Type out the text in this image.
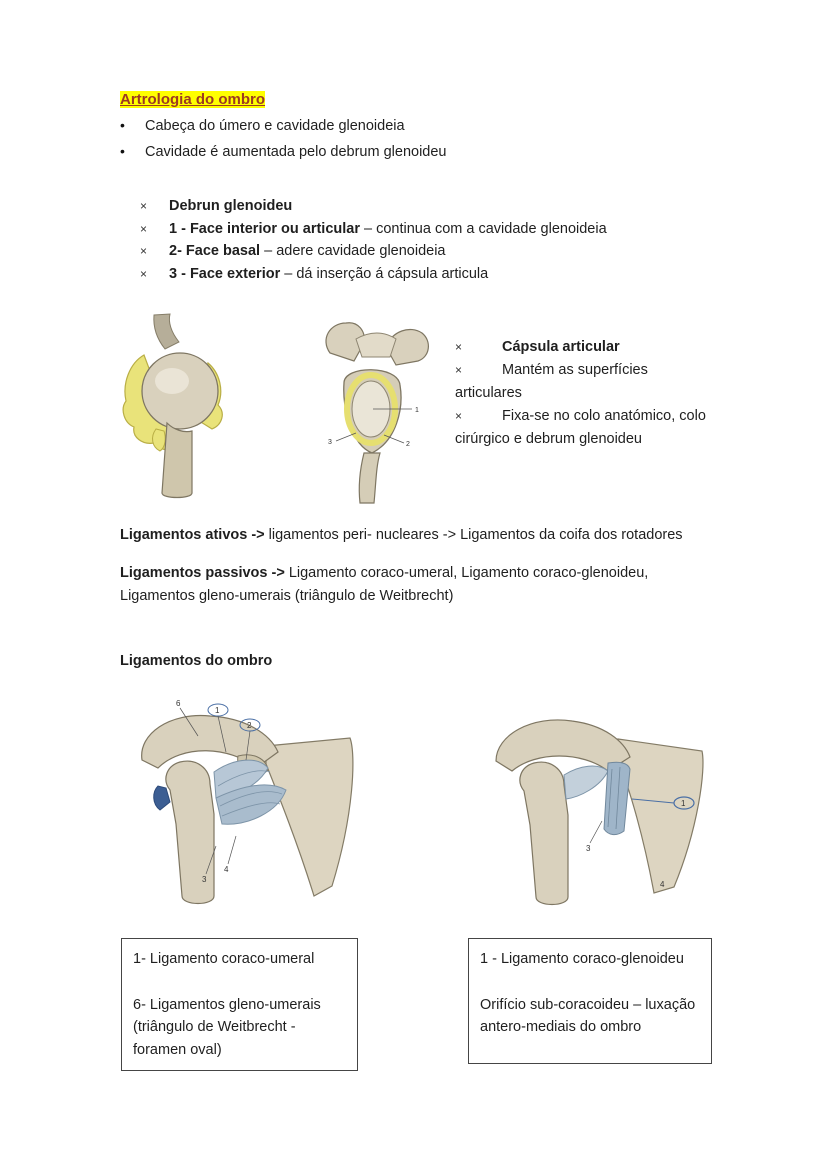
Artrologia do ombro
• Cabeça do úmero e cavidade glenoideia
• Cavidade é aumentada pelo debrum glenoideu
× Debrun glenoideu
× 1 - Face interior ou articular – continua com a cavidade glenoideia
× 2- Face basal – adere cavidade glenoideia
× 3 - Face exterior – dá inserção á cápsula articula
1
2
3
×	Cápsula articular
×	Mantém as superfícies articulares
×	Fixa-se no colo anatómico, colo cirúrgico e debrum glenoideu

Ligamentos ativos -> ligamentos peri- nucleares -> Ligamentos da coifa dos rotadores

Ligamentos passivos -> Ligamento coraco-umeral, Ligamento coraco-glenoideu, Ligamentos gleno-umerais (triângulo de Weitbrecht)

Ligamentos do ombro
6
1
2
3
4
1
3
4

1- Ligamento coraco-umeral

6- Ligamentos gleno-umerais (triângulo de Weitbrecht - foramen oval)

1 - Ligamento coraco-glenoideu

Orifício sub-coracoideu – luxação antero-mediais do ombro
